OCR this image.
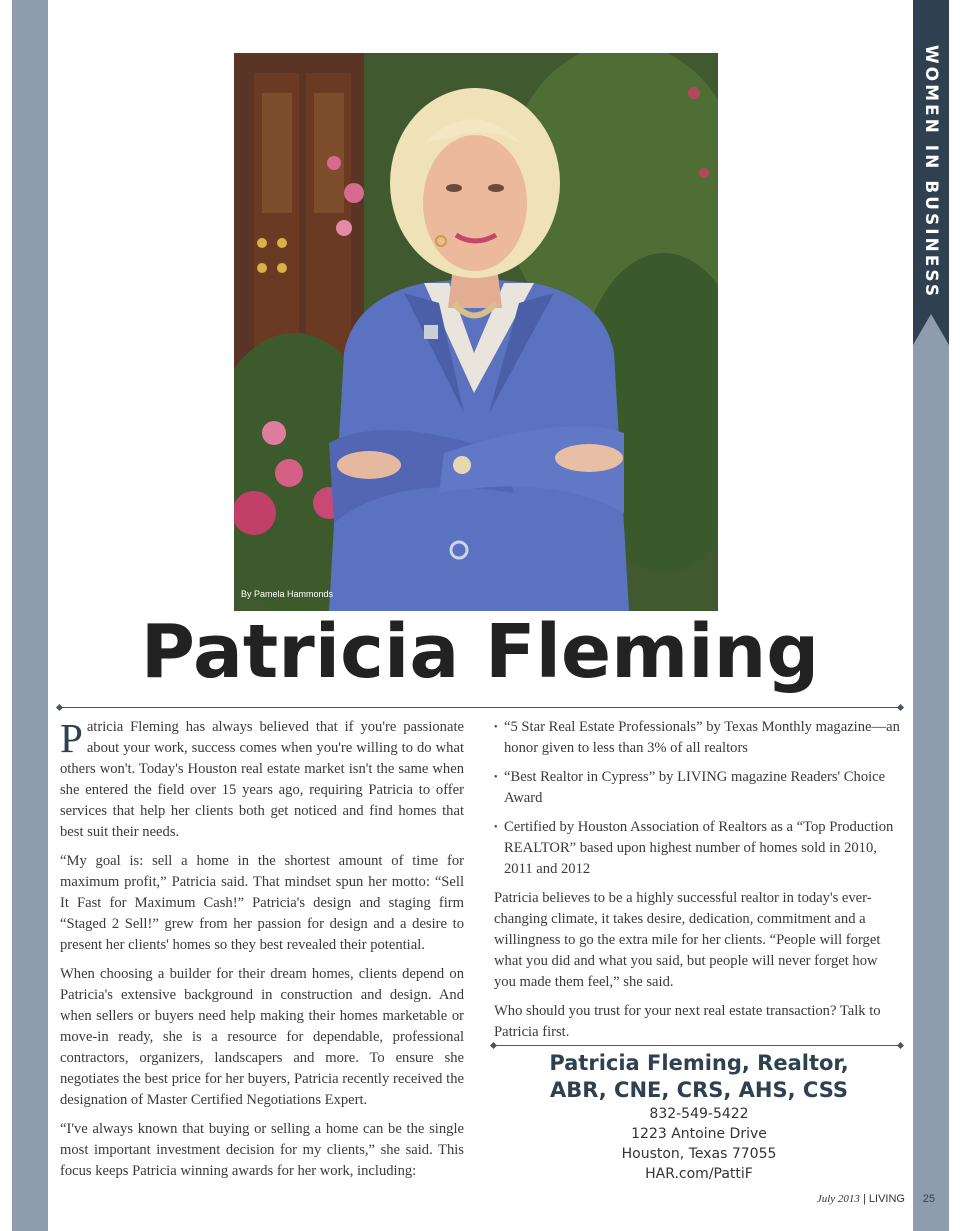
WOMEN IN BUSINESS
By Pamela Hammonds
Patricia Fleming

Patricia Fleming has always believed that if you're passionate about your work, success comes when you're willing to do what others won't. Today's Houston real estate market isn't the same when she entered the field over 15 years ago, requiring Patricia to offer services that help her clients both get noticed and find homes that best suit their needs.

“My goal is: sell a home in the shortest amount of time for maximum profit,” Patricia said. That mindset spun her motto: “Sell It Fast for Maximum Cash!” Patricia's design and staging firm “Staged 2 Sell!” grew from her passion for design and a desire to present her clients' homes so they best revealed their potential.

When choosing a builder for their dream homes, clients depend on Patricia's extensive background in construction and design. And when sellers or buyers need help making their homes marketable or move-in ready, she is a resource for dependable, professional contractors, organizers, landscapers and more. To ensure she negotiates the best price for her buyers, Patricia recently received the designation of Master Certified Negotiations Expert.

“I've always known that buying or selling a home can be the single most important investment decision for my clients,” she said. This focus keeps Patricia winning awards for her work, including:

• “5 Star Real Estate Professionals” by Texas Monthly magazine—an honor given to less than 3% of all realtors
• “Best Realtor in Cypress” by LIVING magazine Readers' Choice Award
• Certified by Houston Association of Realtors as a “Top Production REALTOR” based upon highest number of homes sold in 2010, 2011 and 2012

Patricia believes to be a highly successful realtor in today's ever-changing climate, it takes desire, dedication, commitment and a willingness to go the extra mile for her clients. “People will forget what you did and what you said, but people will never forget how you made them feel,” she said.

Who should you trust for your next real estate transaction? Talk to Patricia first.

Patricia Fleming, Realtor,
ABR, CNE, CRS, AHS, CSS
832-549-5422
1223 Antoine Drive
Houston, Texas 77055
HAR.com/PattiF
July 2013 | LIVING	25
